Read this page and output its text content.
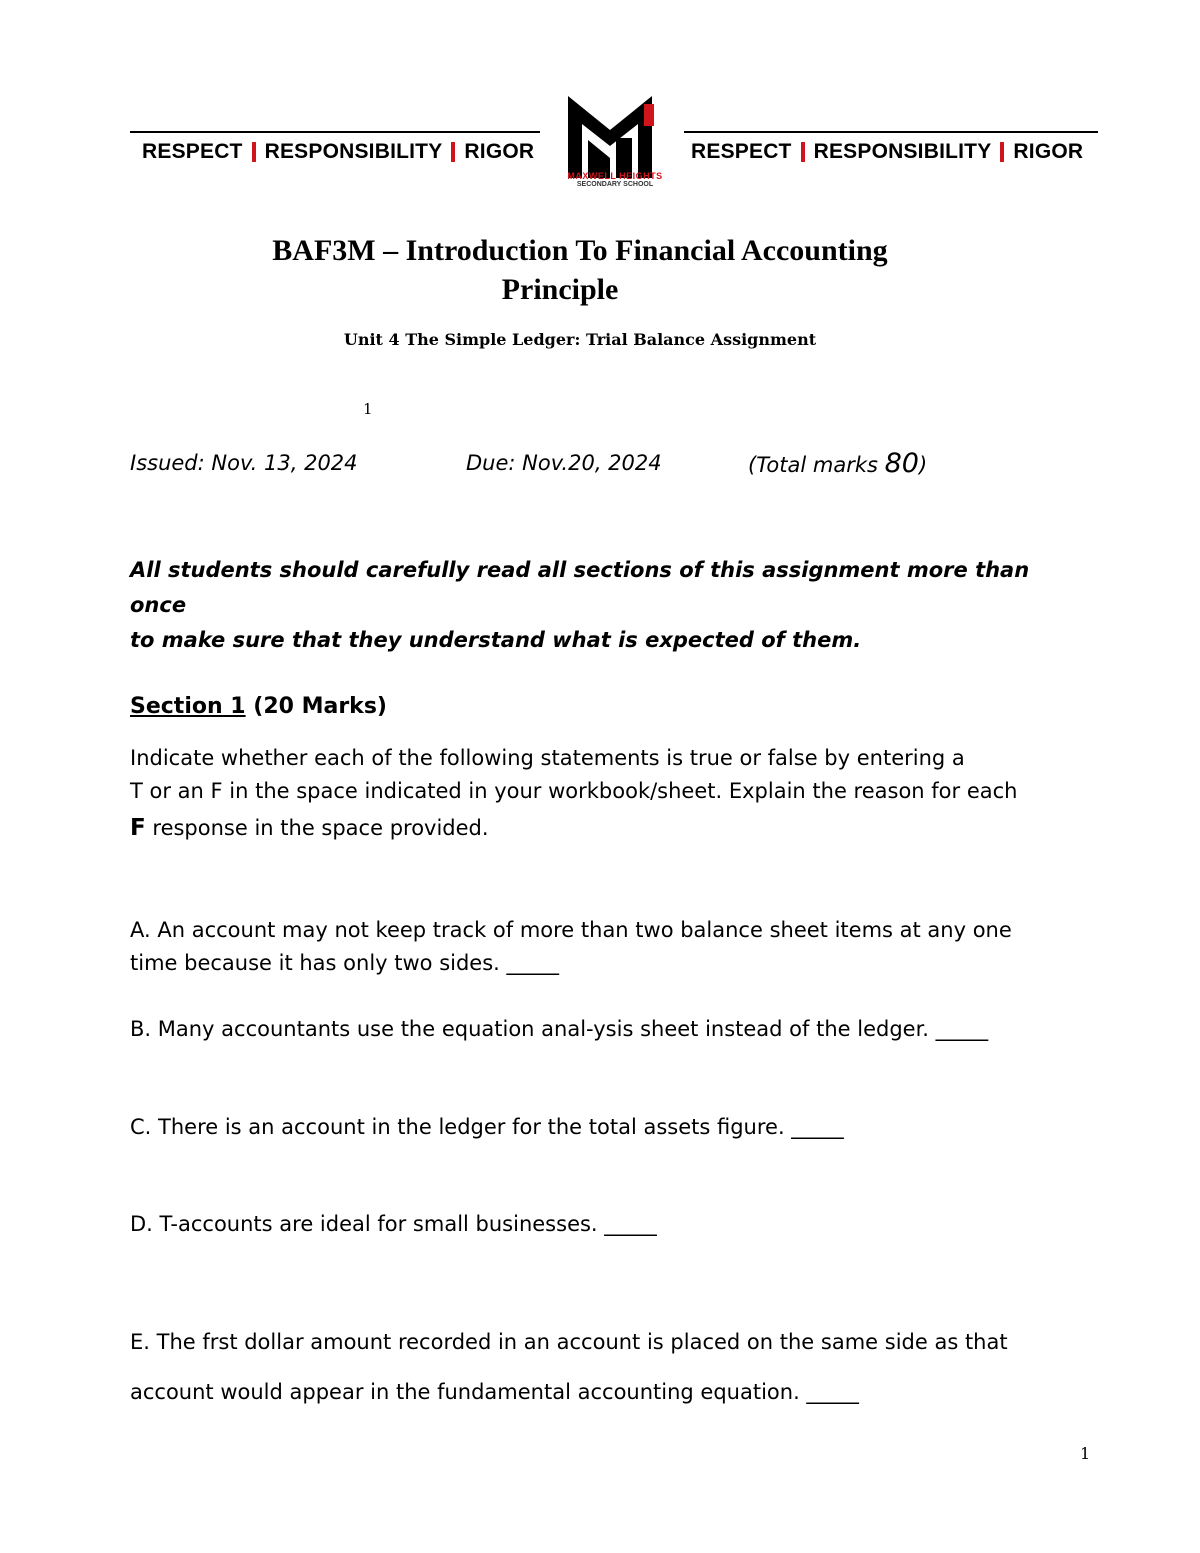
RESPECT RESPONSIBILITY RIGOR	RESPECT RESPONSIBILITY RIGOR
MAXWELL HEIGHTS
SECONDARY SCHOOL
BAF3M – Introduction To Financial Accounting
Principle
Unit 4 The Simple Ledger: Trial Balance Assignment
1
Issued: Nov. 13, 2024	Due: Nov.20, 2024	(Total marks 80)
All students should carefully read all sections of this assignment more than once
to make sure that they understand what is expected of them.
Section 1 (20 Marks)
Indicate whether each of the following statements is true or false by entering a
T or an F in the space indicated in your workbook/sheet. Explain the reason for each
F response in the space provided.
A. An account may not keep track of more than two balance sheet items at any one
time because it has only two sides. _____
B. Many accountants use the equation anal-ysis sheet instead of the ledger. _____
C. There is an account in the ledger for the total assets figure. _____
D. T-accounts are ideal for small businesses. _____
E. The frst dollar amount recorded in an account is placed on the same side as that
account would appear in the fundamental accounting equation. _____
1
